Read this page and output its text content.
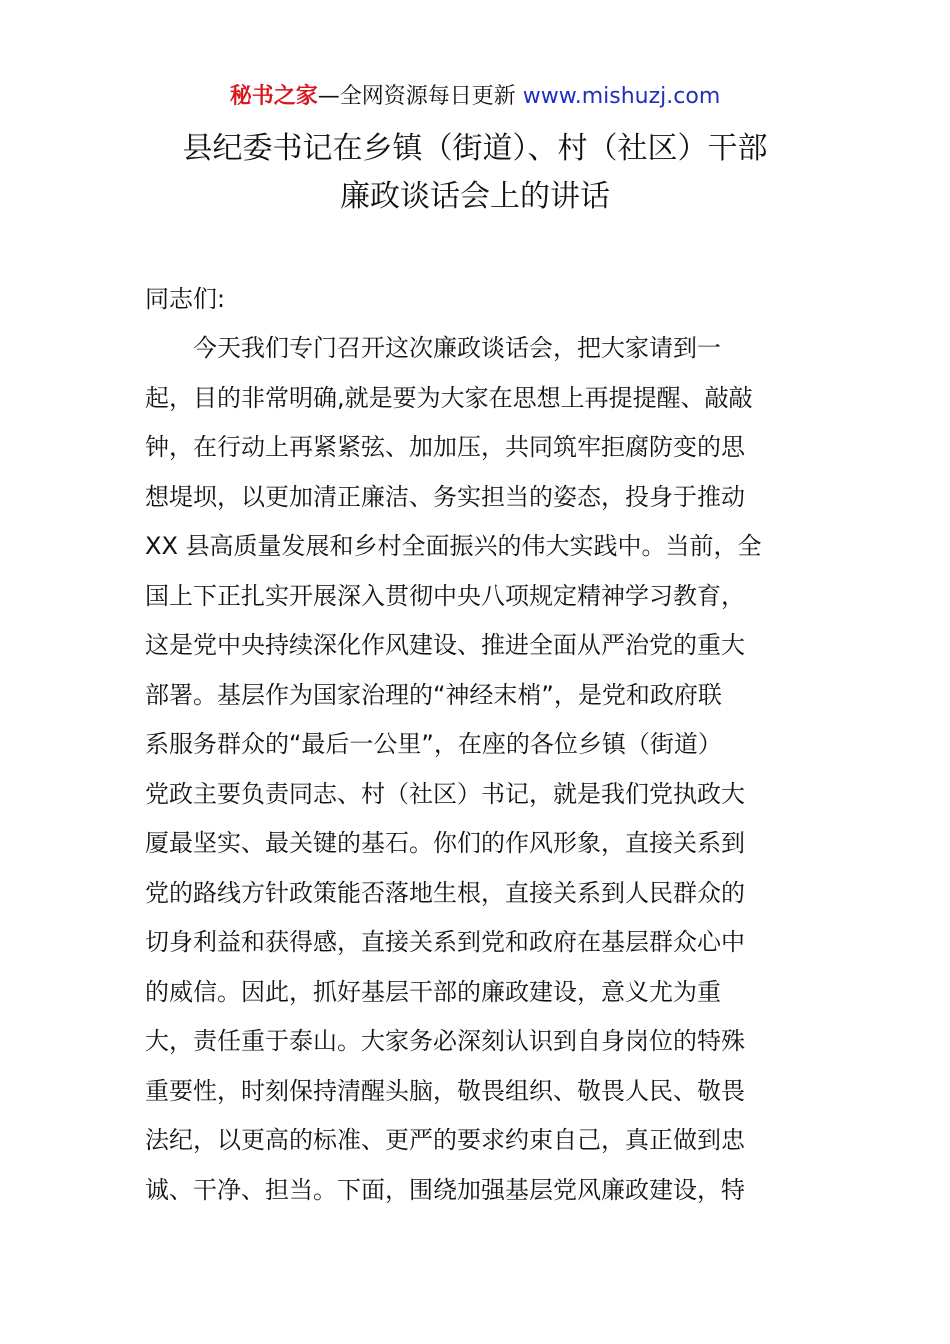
秘书之家—全网资源每日更新 www.mishuzj.com
县纪委书记在乡镇（街道）、村（社区）干部
廉政谈话会上的讲话
同志们:
今天我们专门召开这次廉政谈话会，把大家请到一
起，目的非常明确,就是要为大家在思想上再提提醒、敲敲
钟，在行动上再紧紧弦、加加压，共同筑牢拒腐防变的思
想堤坝，以更加清正廉洁、务实担当的姿态，投身于推动
XX 县高质量发展和乡村全面振兴的伟大实践中。当前，全
国上下正扎实开展深入贯彻中央八项规定精神学习教育，
这是党中央持续深化作风建设、推进全面从严治党的重大
部署。基层作为国家治理的“神经末梢”，是党和政府联
系服务群众的“最后一公里”，在座的各位乡镇（街道）
党政主要负责同志、村（社区）书记，就是我们党执政大
厦最坚实、最关键的基石。你们的作风形象，直接关系到
党的路线方针政策能否落地生根，直接关系到人民群众的
切身利益和获得感，直接关系到党和政府在基层群众心中
的威信。因此，抓好基层干部的廉政建设，意义尤为重
大，责任重于泰山。大家务必深刻认识到自身岗位的特殊
重要性，时刻保持清醒头脑，敬畏组织、敬畏人民、敬畏
法纪，以更高的标准、更严的要求约束自己，真正做到忠
诚、干净、担当。下面，围绕加强基层党风廉政建设，特
